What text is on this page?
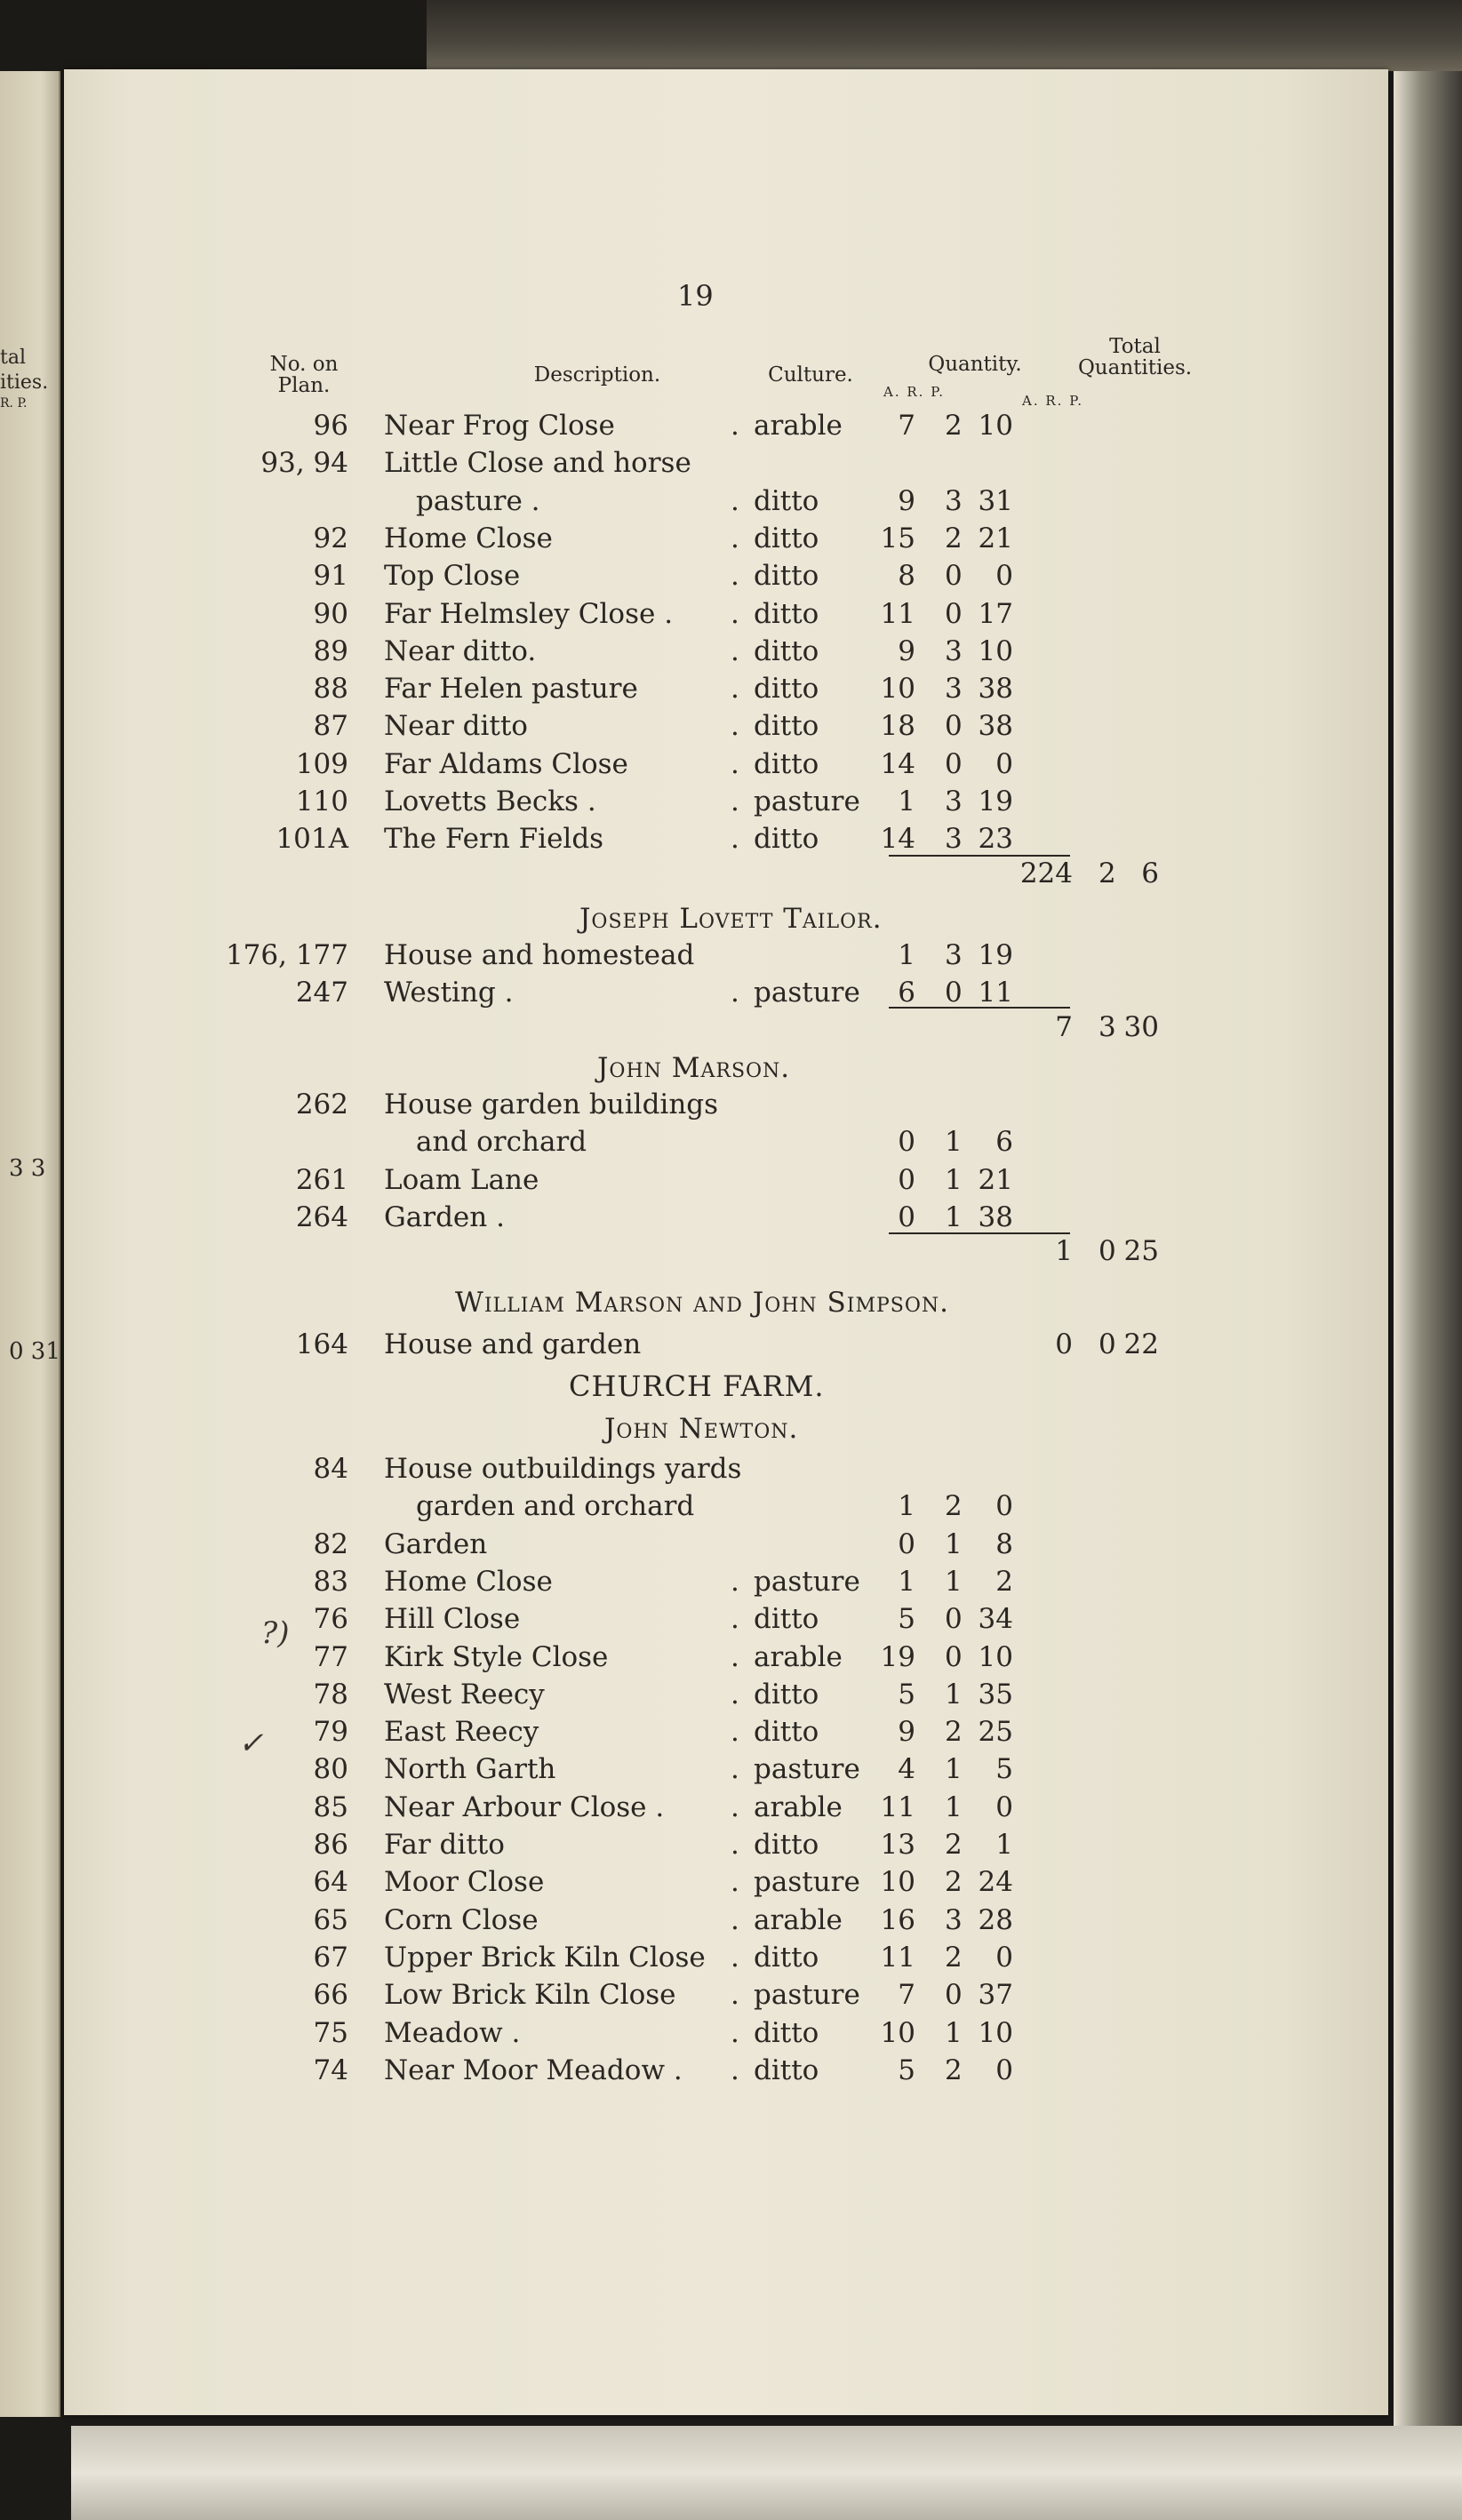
tal
ities.
R. P.
3 3
0 31
19
No. on
Plan.	Description.	Culture.	Quantity.
A. R. P.
Total
Quantities.
A. R. P.
96 Near Frog Close	. arable	7 2 10
93, 94 Little Close and horse
pasture .	. ditto	9 3 31
92 Home Close	. ditto	15 2 21
91 Top Close	. ditto	8 0	0
90 Far Helmsley Close . . ditto	11 0 17
89 Near ditto.	. ditto	9 3 10
88 Far Helen pasture	. ditto	10 3 38
87 Near ditto	. ditto	18 0 38
109 Far Aldams Close	. ditto	14 0	0
110 Lovetts Becks .	. pasture	1 3 19
101A The Fern Fields	. ditto	14 3 23
224 2 6
Joseph Lovett Tailor.
176, 177 House and homestead	1 3 19
247 Westing .	. pasture	6 0 11
7 3 30
John Marson.
262 House garden buildings
and orchard	0 1	6
261 Loam Lane	0 1 21
264 Garden .	0 1 38
1 0 25
William Marson and John Simpson.
164 House and garden	0 0 22
CHURCH FARM.
John Newton.
84 House outbuildings yards
garden and orchard	1 2	0
82 Garden	0 1	8
83 Home Close	. pasture	1 1	2
76 Hill Close	. ditto	5 0 34
77 Kirk Style Close	. arable	19 0 10
78 West Reecy	. ditto	5 1 35
79 East Reecy	. ditto	9 2 25
80 North Garth	. pasture	4 1	5
85 Near Arbour Close . . arable	11 1	0
86 Far ditto	. ditto	13 2	1
64 Moor Close	. pasture 10 2 24
65 Corn Close	. arable	16 3 28
67 Upper Brick Kiln Close . ditto	11 2	0
66 Low Brick Kiln Close . pasture	7 0 37
75 Meadow .	. ditto	10 1 10
74 Near Moor Meadow . . ditto	5 2	0
?)
✓
